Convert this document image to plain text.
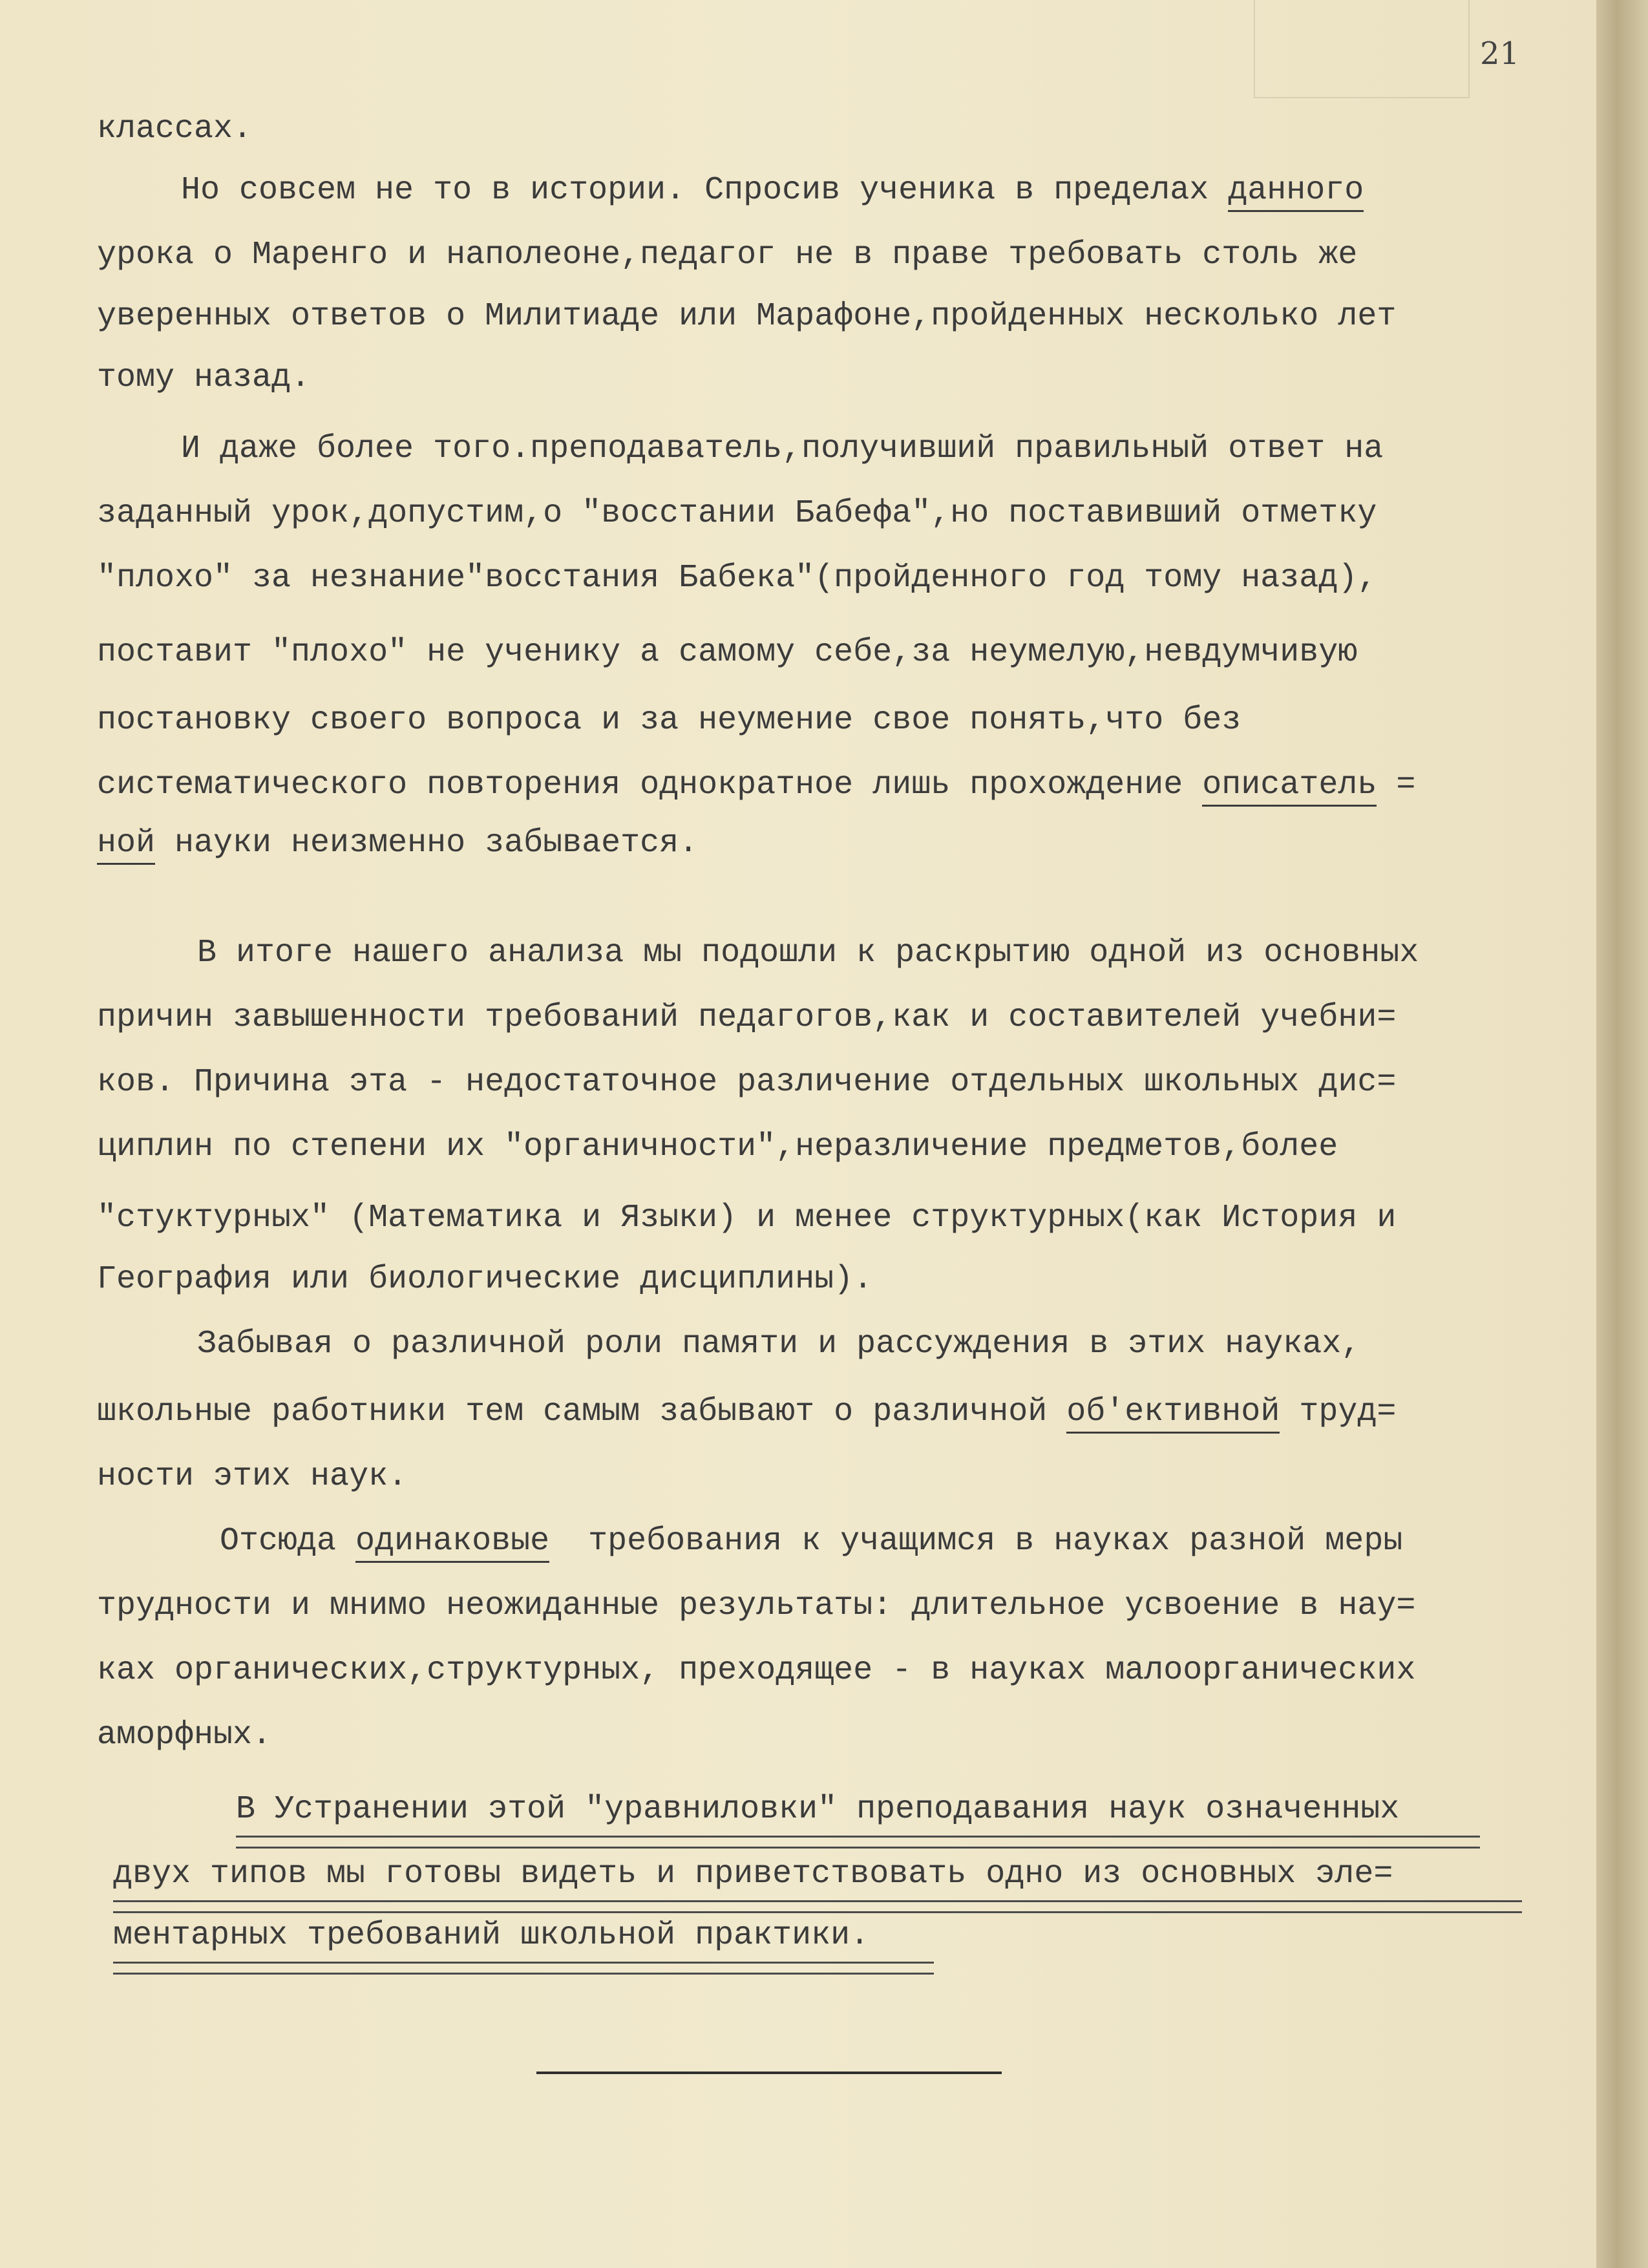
21
классах.
Но совсем не то в истории. Спросив ученика в пределах данного
урока о Маренго и наполеоне,педагог не в праве требовать столь же
уверенных ответов о Милитиаде или Марафоне,пройденных несколько лет
тому назад.
И даже более того.преподаватель,получивший правильный ответ на
заданный урок,допустим,о "восстании Бабефа",но поставивший отметку
"плохо" за незнание"восстания Бабека"(пройденного год тому назад),
поставит "плохо" не ученику а самому себе,за неумелую,невдумчивую
постановку своего вопроса и за неумение свое понять,что без
систематического повторения однократное лишь прохождение описатель =
ной науки неизменно забывается.
В итоге нашего анализа мы подошли к раскрытию одной из основных
причин завышенности требований педагогов,как и составителей учебни=
ков. Причина эта - недостаточное различение отдельных школьных дис=
циплин по степени их "органичности",неразличение предметов,более
"стуктурных" (Математика и Языки) и менее структурных(как История и
География или биологические дисциплины).
Забывая о различной роли памяти и рассуждения в этих науках,
школьные работники тем самым забывают о различной об'ективной труд=
ности этих наук.
Отсюда одинаковые  требования к учащимся в науках разной меры
трудности и мнимо неожиданные результаты: длительное усвоение в нау=
ках органических,структурных, преходящее - в науках малоорганических
аморфных.
В Устранении этой "уравниловки" преподавания наук означенных
двух типов мы готовы видеть и приветствовать одно из основных эле=
ментарных требований школьной практики.
